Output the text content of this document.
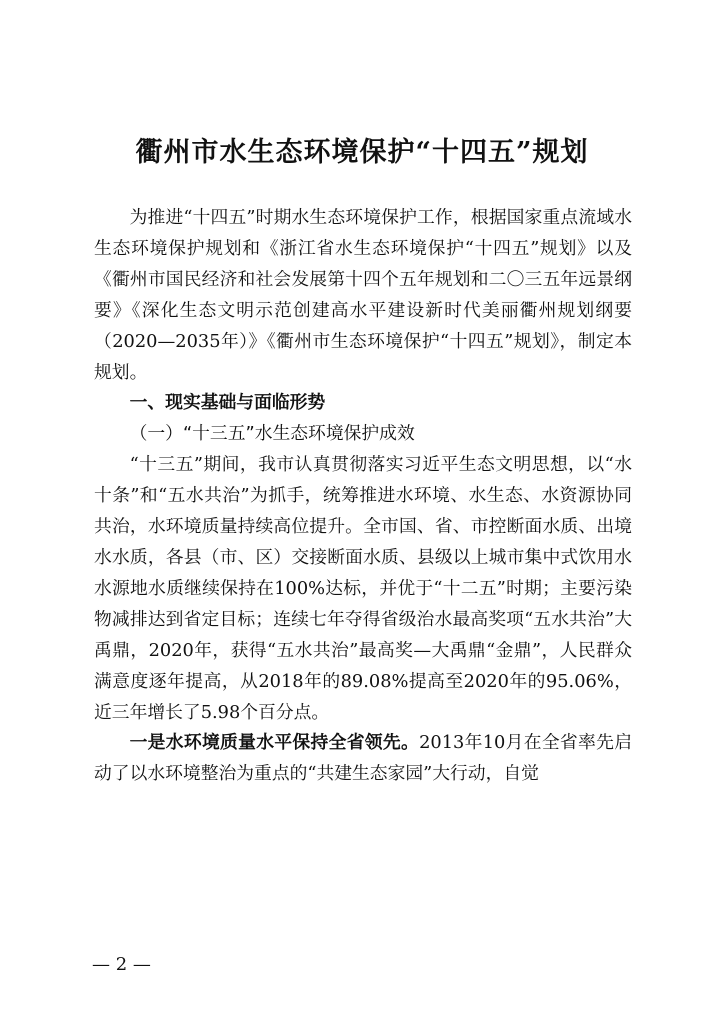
衢州市水生态环境保护“十四五”规划

为推进“十四五”时期水生态环境保护工作，根据国家重点流域水生态环境保护规划和《浙江省水生态环境保护“十四五”规划》以及《衢州市国民经济和社会发展第十四个五年规划和二〇三五年远景纲要》《深化生态文明示范创建高水平建设新时代美丽衢州规划纲要（2020—2035年）》《衢州市生态环境保护“十四五”规划》，制定本规划。

一、现实基础与面临形势

（一）“十三五”水生态环境保护成效

“十三五”期间，我市认真贯彻落实习近平生态文明思想，以“水十条”和“五水共治”为抓手，统筹推进水环境、水生态、水资源协同共治，水环境质量持续高位提升。全市国、省、市控断面水质、出境水水质，各县（市、区）交接断面水质、县级以上城市集中式饮用水水源地水质继续保持在100%达标，并优于“十二五”时期；主要污染物减排达到省定目标；连续七年夺得省级治水最高奖项“五水共治”大禹鼎，2020年，获得“五水共治”最高奖—大禹鼎“金鼎”，人民群众满意度逐年提高，从2018年的89.08%提高至2020年的95.06%，近三年增长了5.98个百分点。

一是水环境质量水平保持全省领先。2013年10月在全省率先启动了以水环境整治为重点的“共建生态家园”大行动，自觉

— 2 —
